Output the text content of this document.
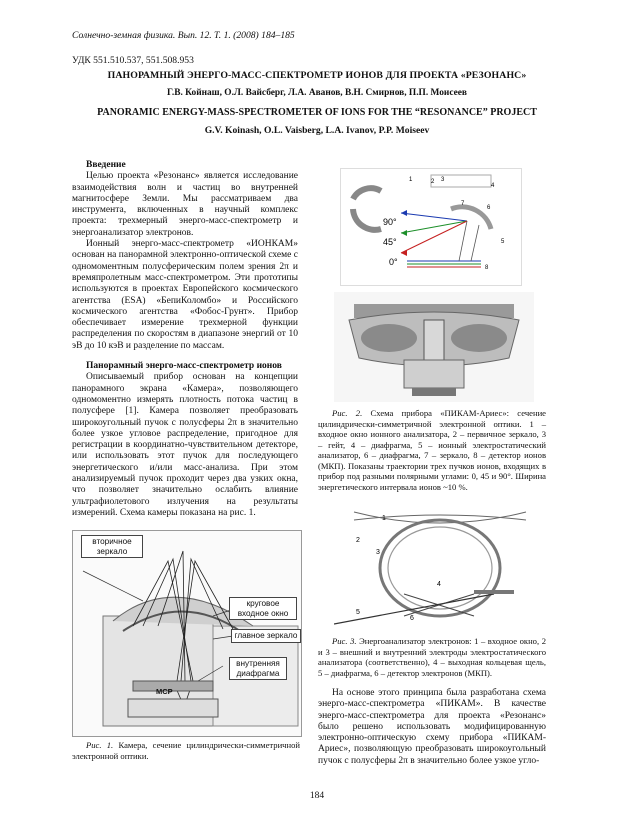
Солнечно-земная физика. Вып. 12. Т. 1. (2008) 184–185
УДК 551.510.537, 551.508.953
ПАНОРАМНЫЙ ЭНЕРГО-МАСС-СПЕКТРОМЕТР ИОНОВ ДЛЯ ПРОЕКТА «РЕЗОНАНС»
Г.В. Койнаш, О.Л. Вайсберг, Л.А. Аванов, В.Н. Смирнов, П.П. Моисеев
PANORAMIC ENERGY-MASS-SPECTROMETER OF IONS FOR THE “RESONANCE” PROJECT
G.V. Koinash, O.L. Vaisberg, L.A. Ivanov, P.P. Moiseev
Введение

Целью проекта «Резонанс» является исследование взаимодействия волн и частиц во внутренней магнитосфере Земли. Мы рассматриваем два инструмента, включенных в научный комплекс проекта: трехмерный энерго-масс-спектрометр и энергоанализатор электронов.

Ионный энерго-масс-спектрометр «ИОНКАМ» основан на панорамной электронно-оптической схеме с одномоментным полусферическим полем зрения 2π и времяпролетным масс-спектрометром. Эти прототипы используются в проектах Европейского космического агентства (ESA) «БепиКоломбо» и Российского космического агентства «Фобос-Грунт». Прибор обеспечивает измерение трехмерной функции распределения по скоростям в диапазоне энергий от 10 эВ до 10 кэВ и разделение по массам.

Панорамный энерго-масс-спектрометр ионов

Описываемый прибор основан на концепции панорамного экрана «Камера», позволяющего одномоментно измерять плотность потока частиц в полусфере [1]. Камера позволяет преобразовать широкоугольный пучок с полусферы 2π в значительно более узкое угловое распределение, пригодное для регистрации в координатно-чувствительном детекторе, или использовать этот пучок для последующего энергетического и/или масс-анализа. При этом анализируемый пучок проходит через два узких окна, что позволяет значительно ослабить влияние ультрафиолетового излучения на результаты измерений. Схема камеры показана на рис. 1.

вторичное зеркало
круговое входное окно
главное зеркало
внутренняя диафрагма
MCP

Рис. 1. Камера, сечение цилиндрически-симметричной электронной оптики.

90°
45°
0°
1	2 3
4
5
6
7
8

Рис. 2. Схема прибора «ПИКАМ-Ариес»: сечение цилиндрически-симметричной электронной оптики. 1 – входное окно ионного анализатора, 2 – первичное зеркало, 3 – гейт, 4 – диафрагма, 5 – ионный электростатический анализатор, 6 – диафрагма, 7 – зеркало, 8 – детектор ионов (МКП). Показаны траектории трех пучков ионов, входящих в прибор под разными полярными углами: 0, 45 и 90°. Ширина энергетического интервала ионов ~10 %.

1
2
3
4
5
6

Рис. 3. Энергоанализатор электронов: 1 – входное окно, 2 и 3 – внешний и внутренний электроды электростатического анализатора (соответственно), 4 – выходная кольцевая щель, 5 – диафрагма, 6 – детектор электронов (МКП).

На основе этого принципа была разработана схема энерго-масс-спектрометра «ПИКАМ». В качестве энерго-масс-спектрометра для проекта «Резонанс» было решено использовать модифицированную электронно-оптическую схему прибора «ПИКАМ-Ариес», позволяющую преобразовать широкоугольный пучок с полусферы 2π в значительно более узкое угло-

184
